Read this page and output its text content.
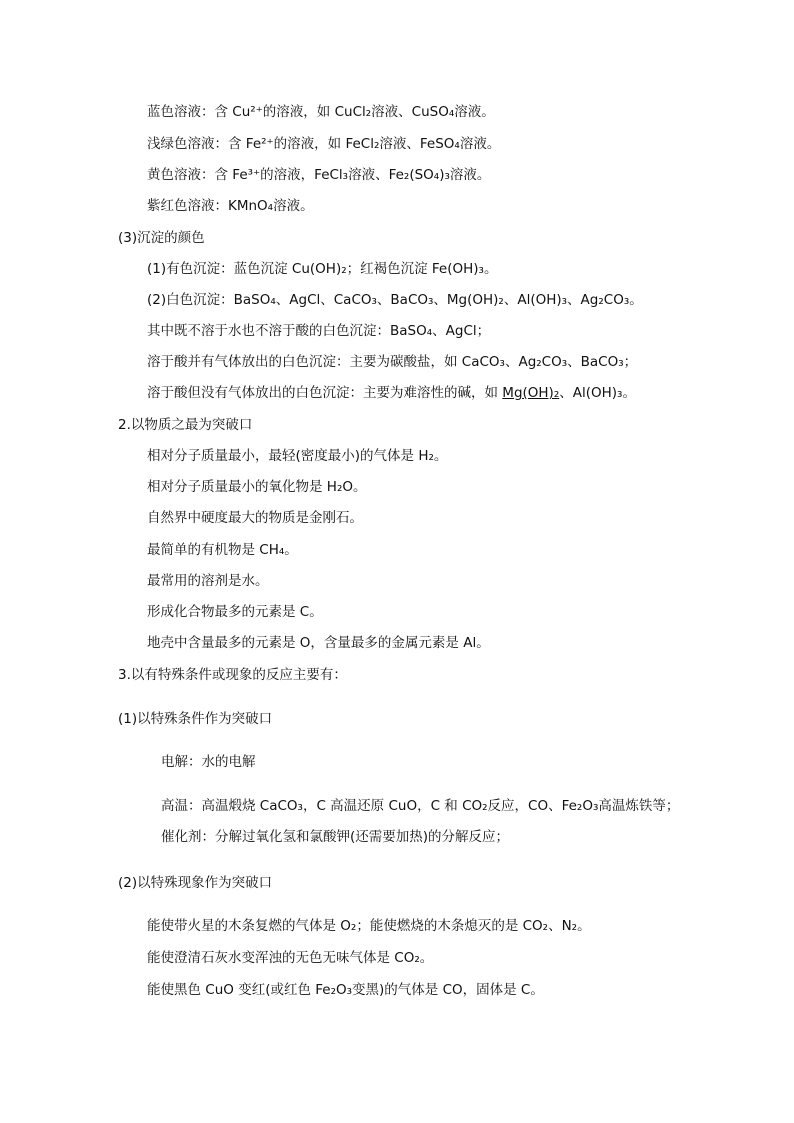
蓝色溶液：含 Cu²⁺的溶液，如 CuCl₂溶液、CuSO₄溶液。
浅绿色溶液：含 Fe²⁺的溶液，如 FeCl₂溶液、FeSO₄溶液。
黄色溶液：含 Fe³⁺的溶液，FeCl₃溶液、Fe₂(SO₄)₃溶液。
紫红色溶液：KMnO₄溶液。
(3)沉淀的颜色
(1)有色沉淀：蓝色沉淀 Cu(OH)₂；红褐色沉淀 Fe(OH)₃。
(2)白色沉淀：BaSO₄、AgCl、CaCO₃、BaCO₃、Mg(OH)₂、Al(OH)₃、Ag₂CO₃。
其中既不溶于水也不溶于酸的白色沉淀：BaSO₄、AgCl；
溶于酸并有气体放出的白色沉淀：主要为碳酸盐，如 CaCO₃、Ag₂CO₃、BaCO₃；
溶于酸但没有气体放出的白色沉淀：主要为难溶性的碱，如 Mg(OH)₂、Al(OH)₃。
2.以物质之最为突破口
相对分子质量最小，最轻(密度最小)的气体是 H₂。
相对分子质量最小的氧化物是 H₂O。
自然界中硬度最大的物质是金刚石。
最简单的有机物是 CH₄。
最常用的溶剂是水。
形成化合物最多的元素是 C。
地壳中含量最多的元素是 O，含量最多的金属元素是 Al。
3.以有特殊条件或现象的反应主要有：
(1)以特殊条件作为突破口
电解：水的电解
高温：高温煅烧 CaCO₃，C 高温还原 CuO，C 和 CO₂反应，CO、Fe₂O₃高温炼铁等；
催化剂：分解过氧化氢和氯酸钾(还需要加热)的分解反应；
(2)以特殊现象作为突破口
能使带火星的木条复燃的气体是 O₂；能使燃烧的木条熄灭的是 CO₂、N₂。
能使澄清石灰水变浑浊的无色无味气体是 CO₂。
能使黑色 CuO 变红(或红色 Fe₂O₃变黑)的气体是 CO，固体是 C。
